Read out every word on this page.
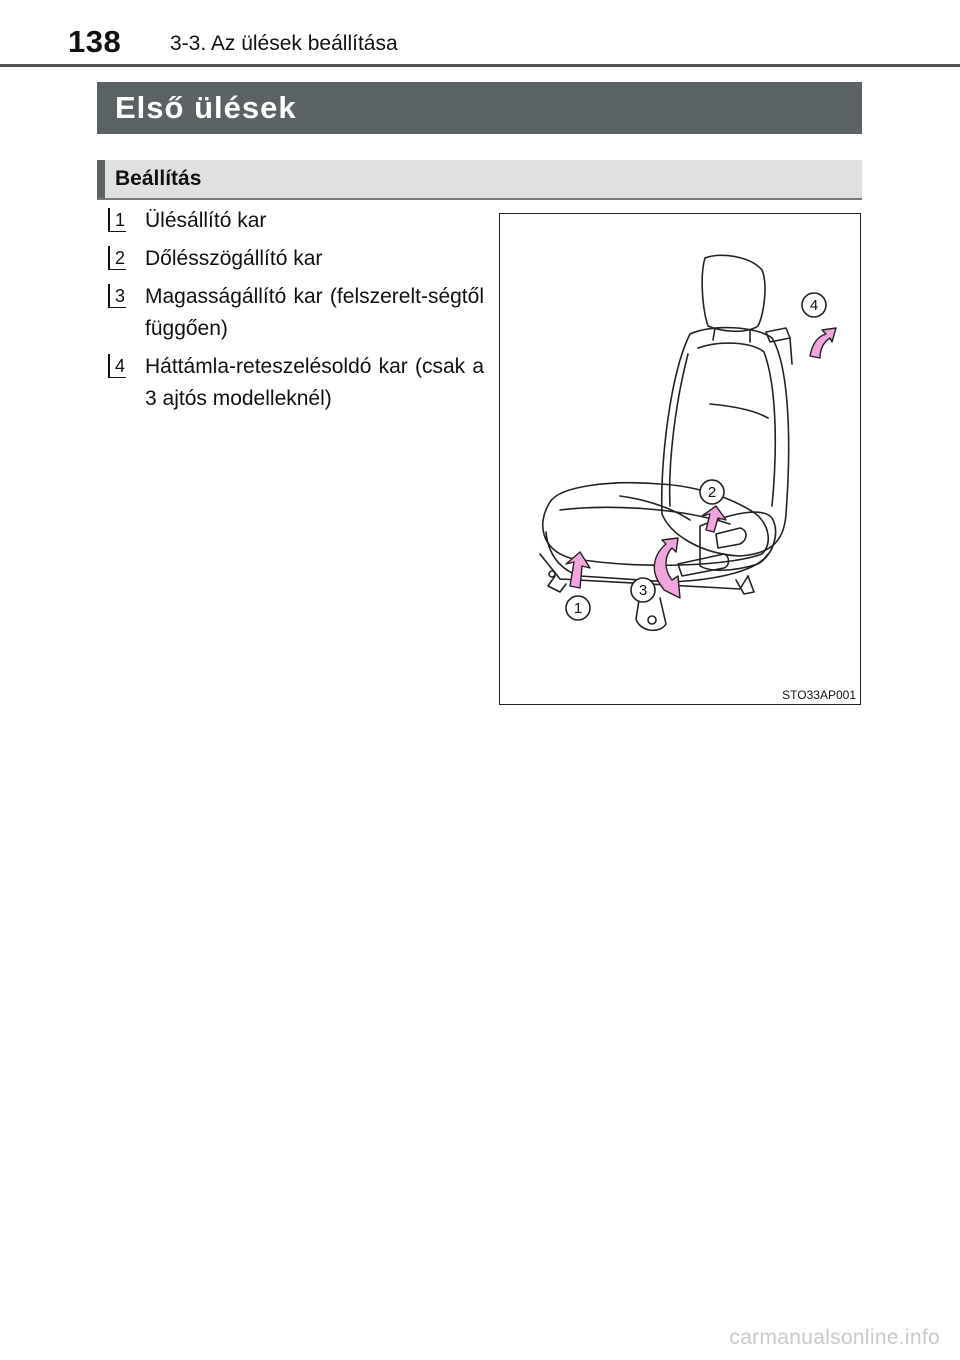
138 3-3. Az ülések beállítása
Első ülések
Beállítás
1 Ülésállító kar
2 Dőlésszögállító kar
3 Magasságállító kar (felszerelt-ségtől függően)
4 Háttámla-reteszelésoldó kar (csak a 3 ajtós modelleknél)
1
2
3
4
STO33AP001
carmanualsonline.info
